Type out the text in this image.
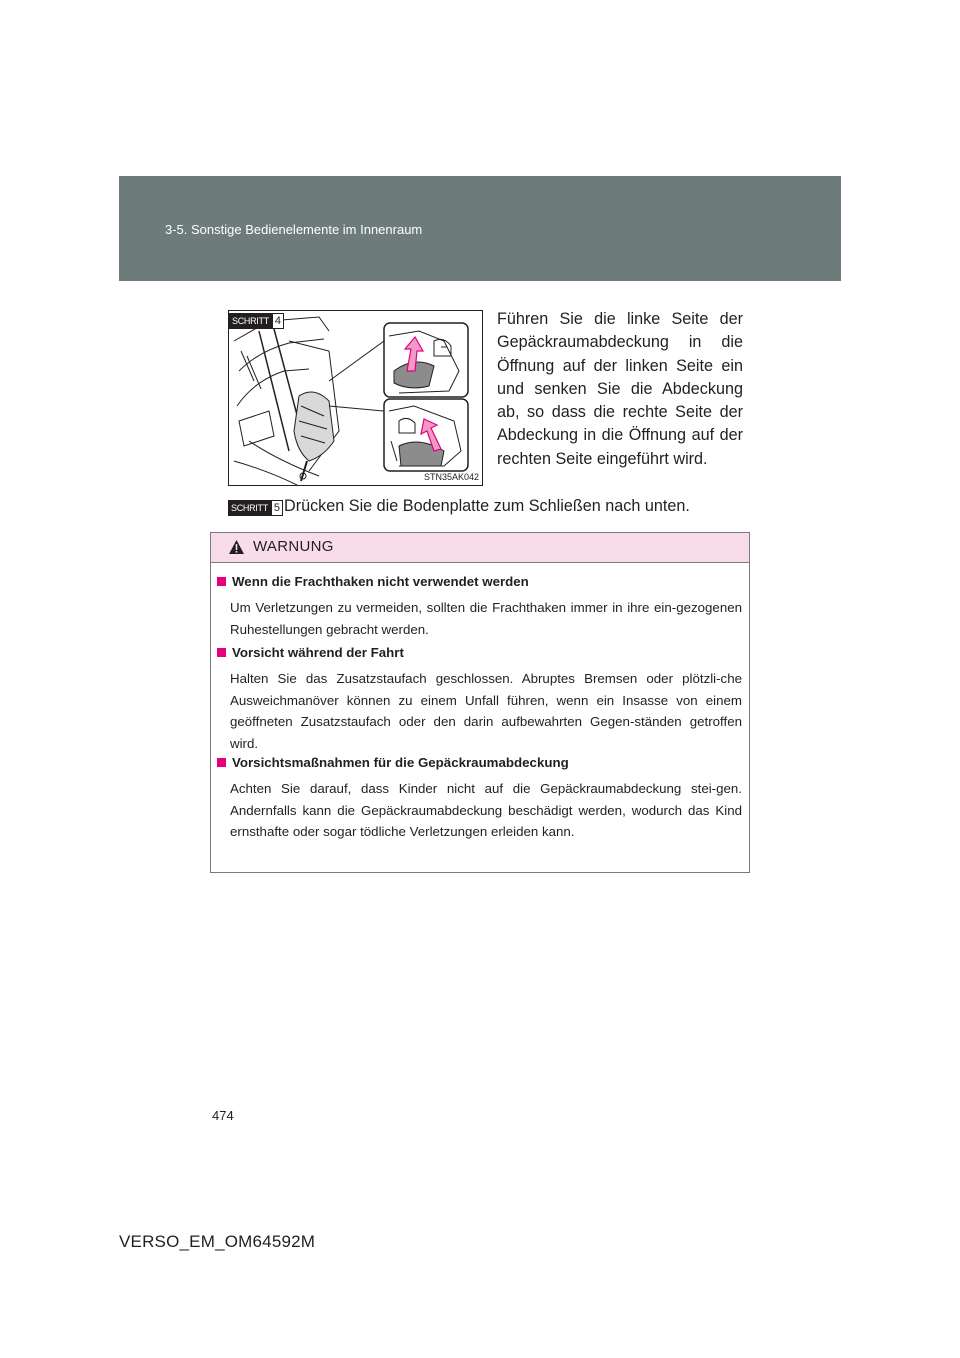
3-5. Sonstige Bedienelemente im Innenraum
SCHRITT 4
STN35AK042
Führen Sie die linke Seite der Gepäckraumabdeckung in die Öffnung auf der linken Seite ein und senken Sie die Abdeckung ab, so dass die rechte Seite der Abdeckung in die Öffnung auf der rechten Seite eingeführt wird.
SCHRITT 5 Drücken Sie die Bodenplatte zum Schließen nach unten.
WARNUNG
Wenn die Frachthaken nicht verwendet werden
Um Verletzungen zu vermeiden, sollten die Frachthaken immer in ihre ein-gezogenen Ruhestellungen gebracht werden.
Vorsicht während der Fahrt
Halten Sie das Zusatzstaufach geschlossen. Abruptes Bremsen oder plötzli-che Ausweichmanöver können zu einem Unfall führen, wenn ein Insasse von einem geöffneten Zusatzstaufach oder den darin aufbewahrten Gegen-ständen getroffen wird.
Vorsichtsmaßnahmen für die Gepäckraumabdeckung
Achten Sie darauf, dass Kinder nicht auf die Gepäckraumabdeckung stei-gen. Andernfalls kann die Gepäckraumabdeckung beschädigt werden, wodurch das Kind ernsthafte oder sogar tödliche Verletzungen erleiden kann.
474
VERSO_EM_OM64592M
